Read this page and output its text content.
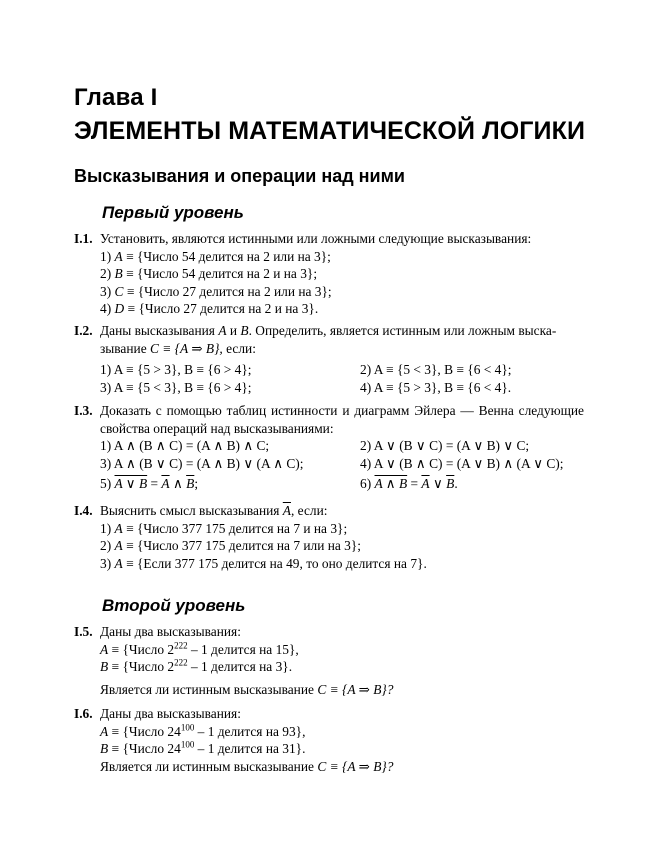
Глава I
ЭЛЕМЕНТЫ МАТЕМАТИЧЕСКОЙ ЛОГИКИ
Высказывания и операции над ними
Первый уровень
I.1. Установить, являются истинными или ложными следующие высказывания:
1) A ≡ {Число 54 делится на 2 или на 3};
2) B ≡ {Число 54 делится на 2 и на 3};
3) C ≡ {Число 27 делится на 2 или на 3};
4) D ≡ {Число 27 делится на 2 и на 3}.
I.2. Даны высказывания A и B. Определить, является истинным или ложным выска-
зывание C ≡ {A ⇒ B}, если:
1) A ≡ {5 > 3}, B ≡ {6 > 4};	2) A ≡ {5 < 3}, B ≡ {6 < 4};
3) A ≡ {5 < 3}, B ≡ {6 > 4};	4) A ≡ {5 > 3}, B ≡ {6 < 4}.
I.3. Доказать с помощью таблиц истинности и диаграмм Эйлера — Венна следующие свойства операций над высказываниями:
1) A ∧ (B ∧ C) = (A ∧ B) ∧ C;	2) A ∨ (B ∨ C) = (A ∨ B) ∨ C;
3) A ∧ (B ∨ C) = (A ∧ B) ∨ (A ∧ C);	4) A ∨ (B ∧ C) = (A ∨ B) ∧ (A ∨ C);
5) A ∨ $B = \overline{A}$ ∧ $\overline{B}$;	6) A ∧ $B = \overline{A}$ ∨ $\overline{B}$.
I.4. Выяснить смысл высказывания $\overline{A}$, если:
1) A ≡ {Число 377 175 делится на 7 и на 3};
2) A ≡ {Число 377 175 делится на 7 или на 3};
3) A ≡ {Если 377 175 делится на 49, то оно делится на 7}.
Второй уровень
I.5. Даны два высказывания:
A ≡ {Число $2^{222} - 1$ делится на 15},
B ≡ {Число $2^{222} - 1$ делится на 3}.
Является ли истинным высказывание C ≡ {A ⇒ B}?
I.6. Даны два высказывания:
A ≡ {Число $24^{100} - 1$ делится на 93},
B ≡ {Число $24^{100} - 1$ делится на 31}.
Является ли истинным высказывание C ≡ {A ⇒ B}?
